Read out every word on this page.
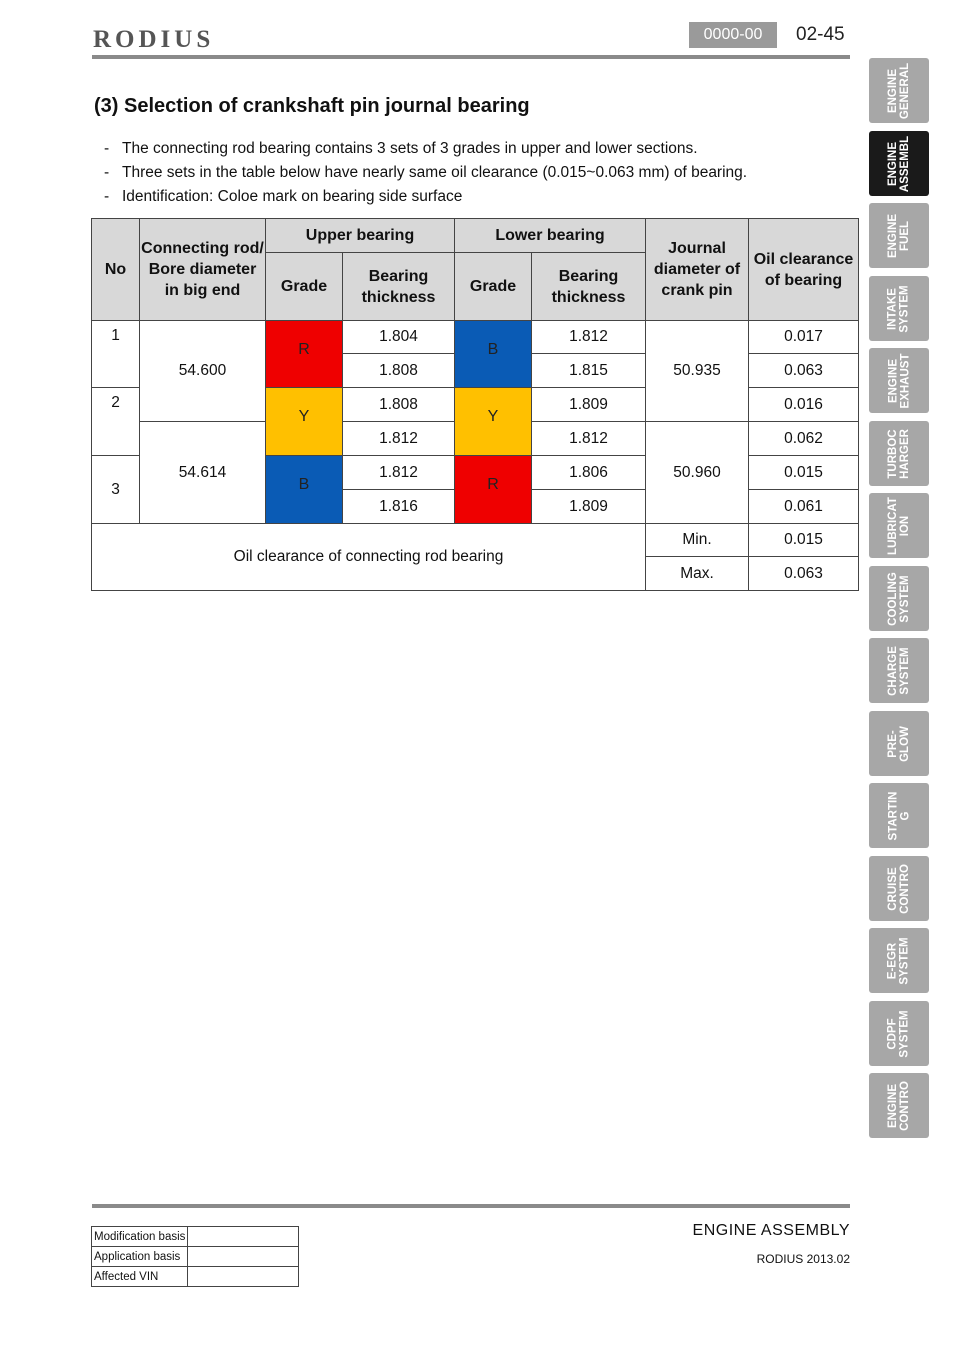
RODIUS	0000-00	02-45
(3) Selection of crankshaft pin journal bearing
- The connecting rod bearing contains 3 sets of 3 grades in upper and lower sections.
- Three sets in the table below have nearly same oil clearance (0.015~0.063 mm) of bearing.
- Identification: Coloe mark on bearing side surface
No	Connecting rod/ Bore diameter in big end	Upper bearing		Lower bearing		Journal diameter of crank pin	Oil clearance of bearing
		Grade	Bearing thickness	Grade	Bearing thickness		
1	54.600	R	1.804	B	1.812	50.935	0.017
			1.808		1.815		0.063
2		Y	1.808	Y	1.809		0.016
	54.614		1.812		1.812	50.960	0.062
3		B	1.812	R	1.806		0.015
			1.816		1.809		0.061
Oil clearance of connecting rod bearing						Min.	0.015
						Max.	0.063
ENGINE
GENERAL
ENGINE
ASSEMBL
ENGINE
FUEL
INTAKE
SYSTEM
ENGINE
EXHAUST
TURBOC
HARGER
LUBRICAT
ION
COOLING
SYSTEM
CHARGE
SYSTEM
PRE-
GLOW
STARTIN
G
CRUISE
CONTRO
E-EGR
SYSTEM
CDPF
SYSTEM
ENGINE
CONTRO
Modification basis	
Application basis	
Affected VIN	
ENGINE ASSEMBLY
RODIUS 2013.02
